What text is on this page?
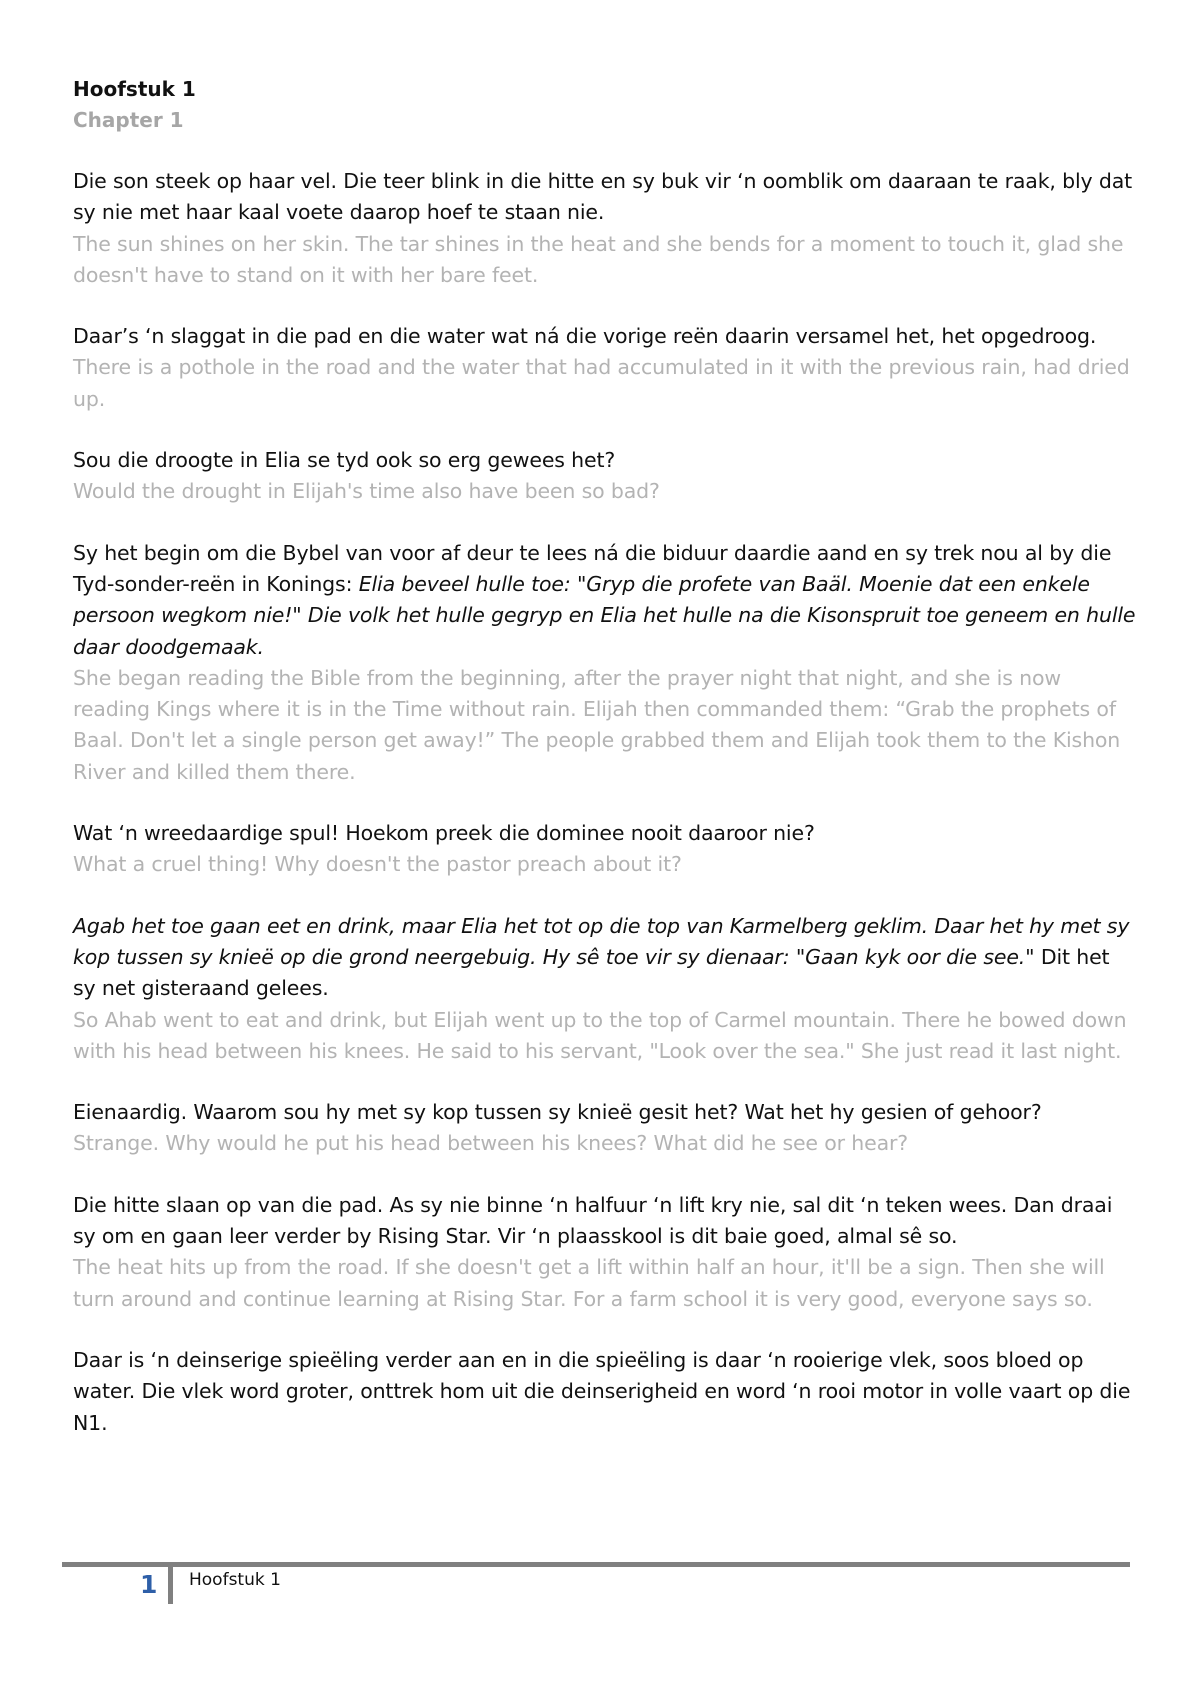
Hoofstuk 1
Chapter 1
Die son steek op haar vel. Die teer blink in die hitte en sy buk vir ‘n oomblik om daaraan te raak, bly dat sy nie met haar kaal voete daarop hoef te staan nie.
The sun shines on her skin. The tar shines in the heat and she bends for a moment to touch it, glad she doesn't have to stand on it with her bare feet.
Daar’s ‘n slaggat in die pad en die water wat ná die vorige reën daarin versamel het, het opgedroog.
There is a pothole in the road and the water that had accumulated in it with the previous rain, had dried up.
Sou die droogte in Elia se tyd ook so erg gewees het?
Would the drought in Elijah's time also have been so bad?
Sy het begin om die Bybel van voor af deur te lees ná die biduur daardie aand en sy trek nou al by die Tyd-sonder-reën in Konings: Elia beveel hulle toe: "Gryp die profete van Baäl. Moenie dat een enkele persoon wegkom nie!" Die volk het hulle gegryp en Elia het hulle na die Kisonspruit toe geneem en hulle daar doodgemaak.
She began reading the Bible from the beginning, after the prayer night that night, and she is now reading Kings where it is in the Time without rain. Elijah then commanded them: “Grab the prophets of Baal. Don't let a single person get away!” The people grabbed them and Elijah took them to the Kishon River and killed them there.
Wat ‘n wreedaardige spul! Hoekom preek die dominee nooit daaroor nie?
What a cruel thing! Why doesn't the pastor preach about it?
Agab het toe gaan eet en drink, maar Elia het tot op die top van Karmelberg geklim. Daar het hy met sy kop tussen sy knieë op die grond neergebuig. Hy sê toe vir sy dienaar: "Gaan kyk oor die see." Dit het sy net gisteraand gelees.
So Ahab went to eat and drink, but Elijah went up to the top of Carmel mountain. There he bowed down with his head between his knees. He said to his servant, "Look over the sea." She just read it last night.
Eienaardig. Waarom sou hy met sy kop tussen sy knieë gesit het? Wat het hy gesien of gehoor?
Strange. Why would he put his head between his knees? What did he see or hear?
Die hitte slaan op van die pad. As sy nie binne ‘n halfuur ‘n lift kry nie, sal dit ‘n teken wees. Dan draai sy om en gaan leer verder by Rising Star. Vir ‘n plaasskool is dit baie goed, almal sê so.
The heat hits up from the road. If she doesn't get a lift within half an hour, it'll be a sign. Then she will turn around and continue learning at Rising Star. For a farm school it is very good, everyone says so.
Daar is ‘n deinserige spieëling verder aan en in die spieëling is daar ‘n rooierige vlek, soos bloed op water. Die vlek word groter, onttrek hom uit die deinserigheid en word ‘n rooi motor in volle vaart op die N1.
1 Hoofstuk 1
